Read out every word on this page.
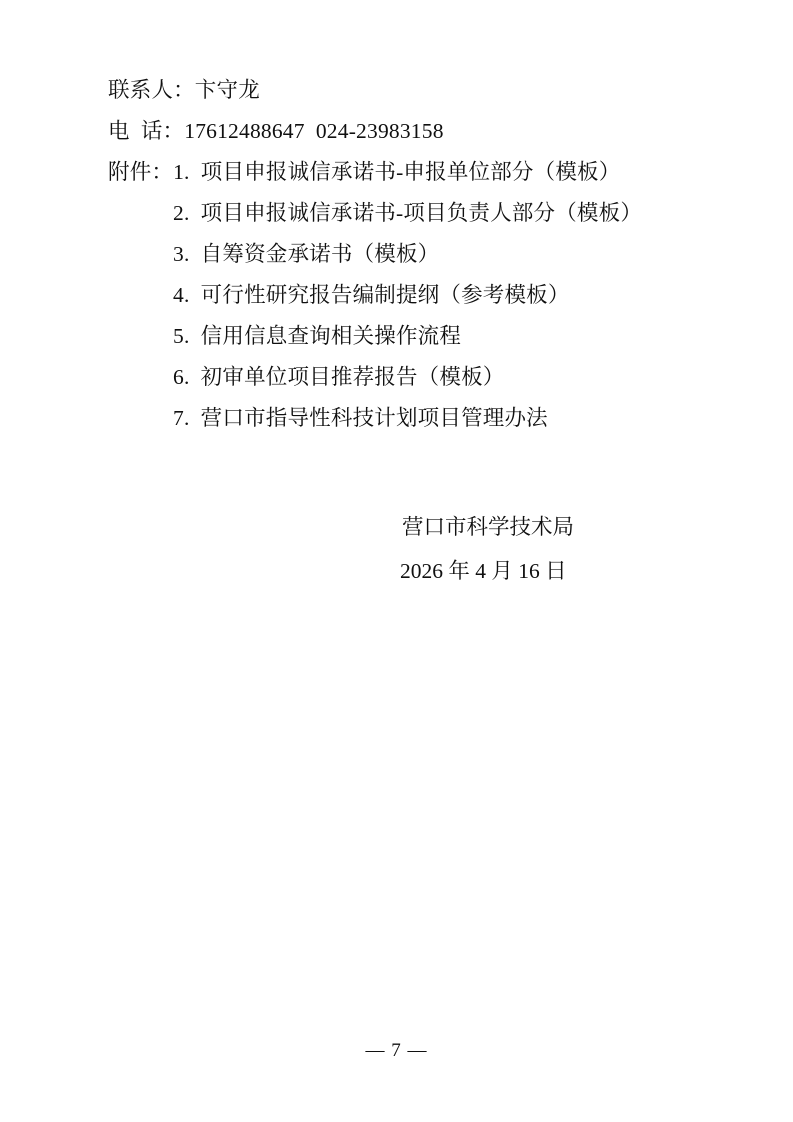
联系人：卞守龙
电  话：17612488647  024-23983158
附件：1.  项目申报诚信承诺书-申报单位部分（模板）
2.  项目申报诚信承诺书-项目负责人部分（模板）
3.  自筹资金承诺书（模板）
4.  可行性研究报告编制提纲（参考模板）
5.  信用信息查询相关操作流程
6.  初审单位项目推荐报告（模板）
7.  营口市指导性科技计划项目管理办法
营口市科学技术局
2026 年 4 月 16 日
— 7 —
